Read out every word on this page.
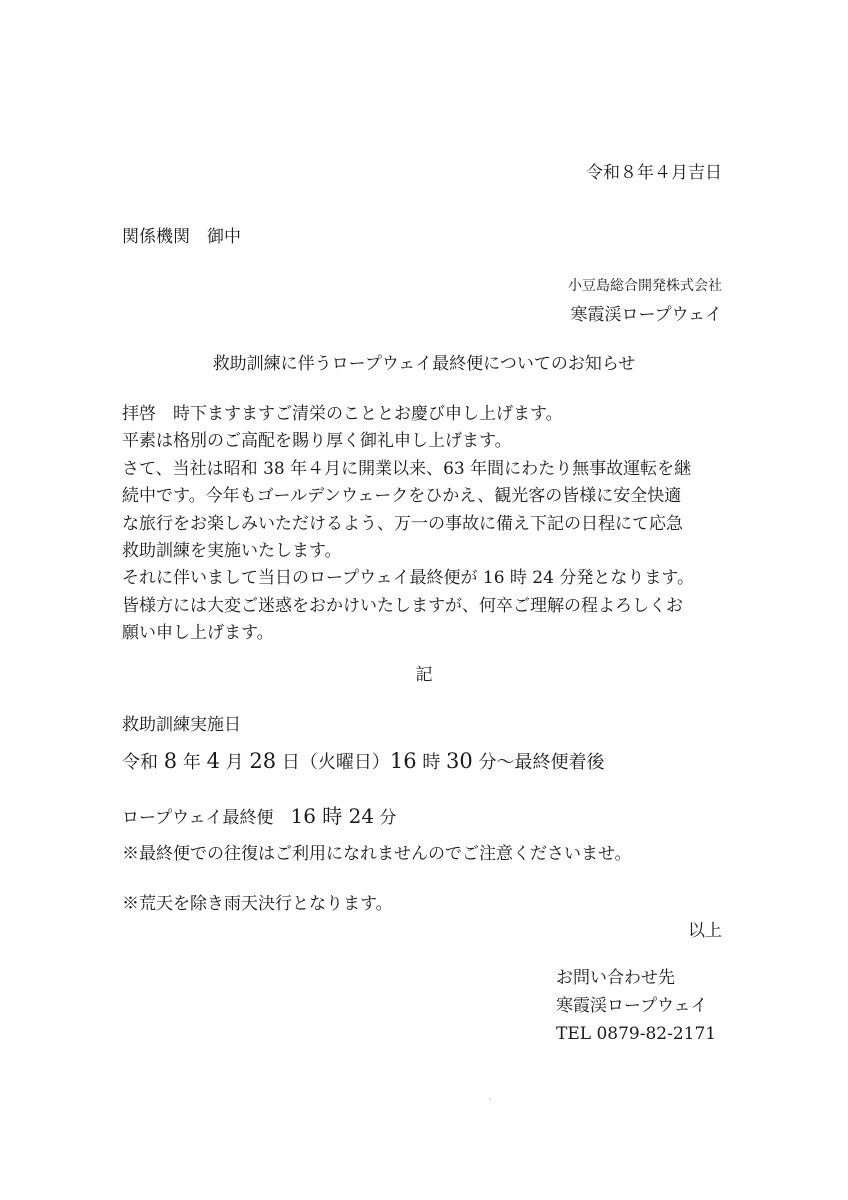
令和８年４月吉日
関係機関　御中
小豆島総合開発株式会社
寒霞渓ロープウェイ
救助訓練に伴うロープウェイ最終便についてのお知らせ
拝啓　時下ますますご清栄のこととお慶び申し上げます。
平素は格別のご高配を賜り厚く御礼申し上げます。
さて、当社は昭和 38 年４月に開業以来、63 年間にわたり無事故運転を継
続中です。今年もゴールデンウェークをひかえ、観光客の皆様に安全快適
な旅行をお楽しみいただけるよう、万一の事故に備え下記の日程にて応急
救助訓練を実施いたします。
それに伴いまして当日のロープウェイ最終便が 16 時 24 分発となります。
皆様方には大変ご迷惑をおかけいたしますが、何卒ご理解の程よろしくお
願い申し上げます。
記
救助訓練実施日
令和 8 年 4 月 28 日（火曜日）16 時 30 分〜最終便着後
ロープウェイ最終便　16 時 24 分
※最終便での往復はご利用になれませんのでご注意くださいませ。
※荒天を除き雨天決行となります。
以上
お問い合わせ先
寒霞渓ロープウェイ
TEL 0879-82-2171
